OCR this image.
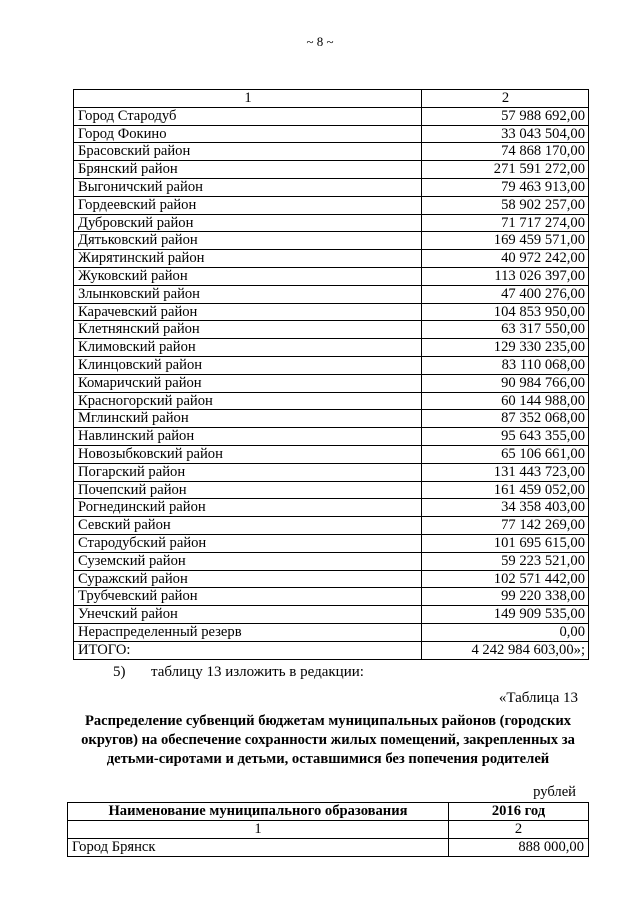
~ 8 ~
1	2
Город Стародуб	57 988 692,00
Город Фокино	33 043 504,00
Брасовский район	74 868 170,00
Брянский район	271 591 272,00
Выгоничский район	79 463 913,00
Гордеевский район	58 902 257,00
Дубровский район	71 717 274,00
Дятьковский район	169 459 571,00
Жирятинский район	40 972 242,00
Жуковский район	113 026 397,00
Злынковский район	47 400 276,00
Карачевский район	104 853 950,00
Клетнянский район	63 317 550,00
Климовский район	129 330 235,00
Клинцовский район	83 110 068,00
Комаричский район	90 984 766,00
Красногорский район	60 144 988,00
Мглинский район	87 352 068,00
Навлинский район	95 643 355,00
Новозыбковский район	65 106 661,00
Погарский район	131 443 723,00
Почепский район	161 459 052,00
Рогнединский район	34 358 403,00
Севский район	77 142 269,00
Стародубский район	101 695 615,00
Суземский район	59 223 521,00
Суражский район	102 571 442,00
Трубчевский район	99 220 338,00
Унечский район	149 909 535,00
Нераспределенный резерв	0,00
ИТОГО:	4 242 984 603,00»;
5) таблицу 13 изложить в редакции:
«Таблица 13
Распределение субвенций бюджетам муниципальных районов (городских округов) на обеспечение сохранности жилых помещений, закрепленных за детьми-сиротами и детьми, оставшимися без попечения родителей
рублей
Наименование муниципального образования	2016 год
1	2
Город Брянск	888 000,00
